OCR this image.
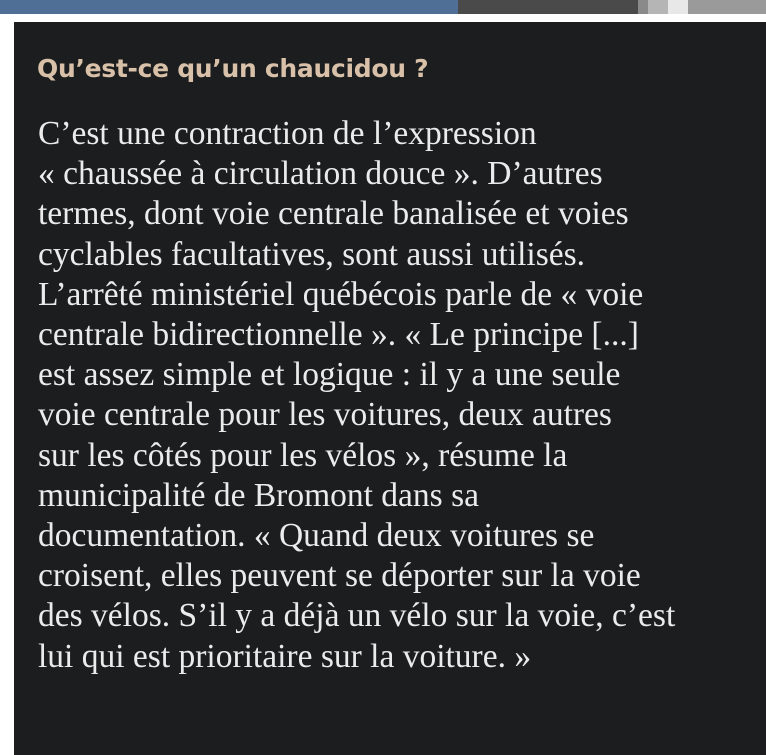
Qu’est-ce qu’un chaucidou ?

C’est une contraction de l’expression
« chaussée à circulation douce ». D’autres
termes, dont voie centrale banalisée et voies
cyclables facultatives, sont aussi utilisés.
L’arrêté ministériel québécois parle de « voie
centrale bidirectionnelle ». « Le principe [...]
est assez simple et logique : il y a une seule
voie centrale pour les voitures, deux autres
sur les côtés pour les vélos », résume la
municipalité de Bromont dans sa
documentation. « Quand deux voitures se
croisent, elles peuvent se déporter sur la voie
des vélos. S’il y a déjà un vélo sur la voie, c’est
lui qui est prioritaire sur la voiture. »
